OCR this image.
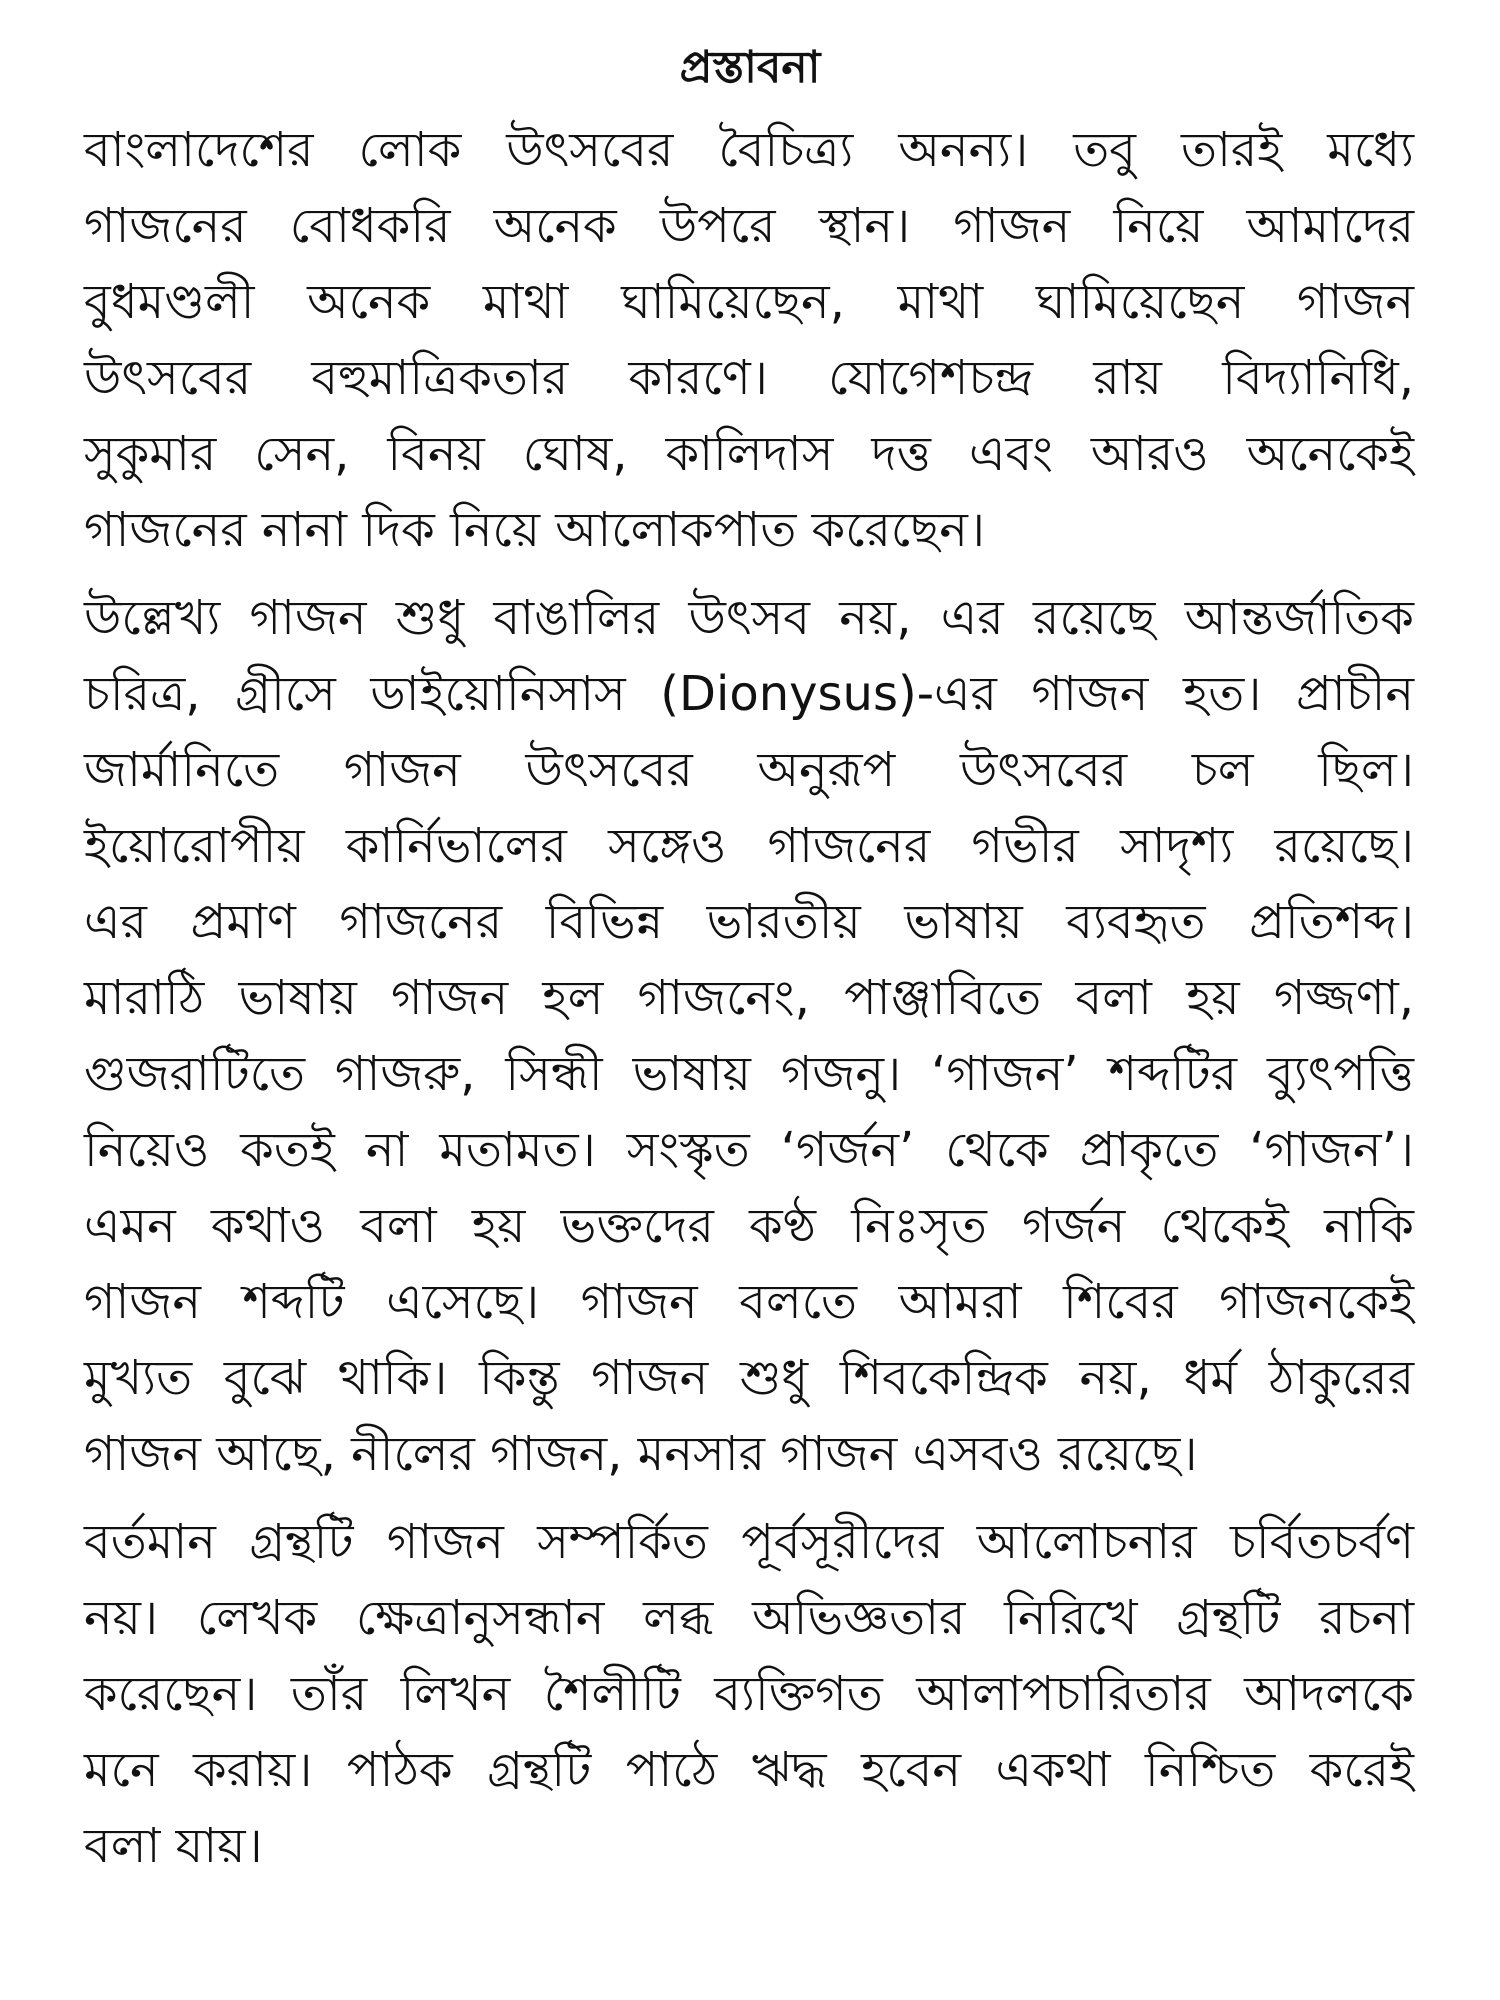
প্রস্তাবনা

বাংলাদেশের লোক উৎসবের বৈচিত্র্য অনন্য। তবু তারই মধ্যে

গাজনের বোধকরি অনেক উপরে স্থান। গাজন নিয়ে আমাদের

বুধমণ্ডলী অনেক মাথা ঘামিয়েছেন, মাথা ঘামিয়েছেন গাজন

উৎসবের বহুমাত্রিকতার কারণে। যোগেশচন্দ্র রায় বিদ্যানিধি,

সুকুমার সেন, বিনয় ঘোষ, কালিদাস দত্ত এবং আরও অনেকেই

গাজনের নানা দিক নিয়ে আলোকপাত করেছেন।

উল্লেখ্য গাজন শুধু বাঙালির উৎসব নয়, এর রয়েছে আন্তর্জাতিক

চরিত্র, গ্রীসে ডাইয়োনিসাস (Dionysus)-এর গাজন হত। প্রাচীন

জার্মানিতে গাজন উৎসবের অনুরূপ উৎসবের চল ছিল।

ইয়োরোপীয় কার্নিভালের সঙ্গেও গাজনের গভীর সাদৃশ্য রয়েছে।

এর প্রমাণ গাজনের বিভিন্ন ভারতীয় ভাষায় ব্যবহৃত প্রতিশব্দ।

মারাঠি ভাষায় গাজন হল গাজনেং, পাঞ্জাবিতে বলা হয় গজ্জণা,

গুজরাটিতে গাজরু, সিন্ধী ভাষায় গজনু। ‘গাজন’ শব্দটির ব্যুৎপত্তি

নিয়েও কতই না মতামত। সংস্কৃত ‘গর্জন’ থেকে প্রাকৃতে ‘গাজন’।

এমন কথাও বলা হয় ভক্তদের কণ্ঠ নিঃসৃত গর্জন থেকেই নাকি

গাজন শব্দটি এসেছে। গাজন বলতে আমরা শিবের গাজনকেই

মুখ্যত বুঝে থাকি। কিন্তু গাজন শুধু শিবকেন্দ্রিক নয়, ধর্ম ঠাকুরের

গাজন আছে, নীলের গাজন, মনসার গাজন এসবও রয়েছে।

বর্তমান গ্রন্থটি গাজন সম্পর্কিত পূর্বসূরীদের আলোচনার চর্বিতচর্বণ

নয়। লেখক ক্ষেত্রানুসন্ধান লব্ধ অভিজ্ঞতার নিরিখে গ্রন্থটি রচনা

করেছেন। তাঁর লিখন শৈলীটি ব্যক্তিগত আলাপচারিতার আদলকে

মনে করায়। পাঠক গ্রন্থটি পাঠে ঋদ্ধ হবেন একথা নিশ্চিত করেই

বলা যায়।
